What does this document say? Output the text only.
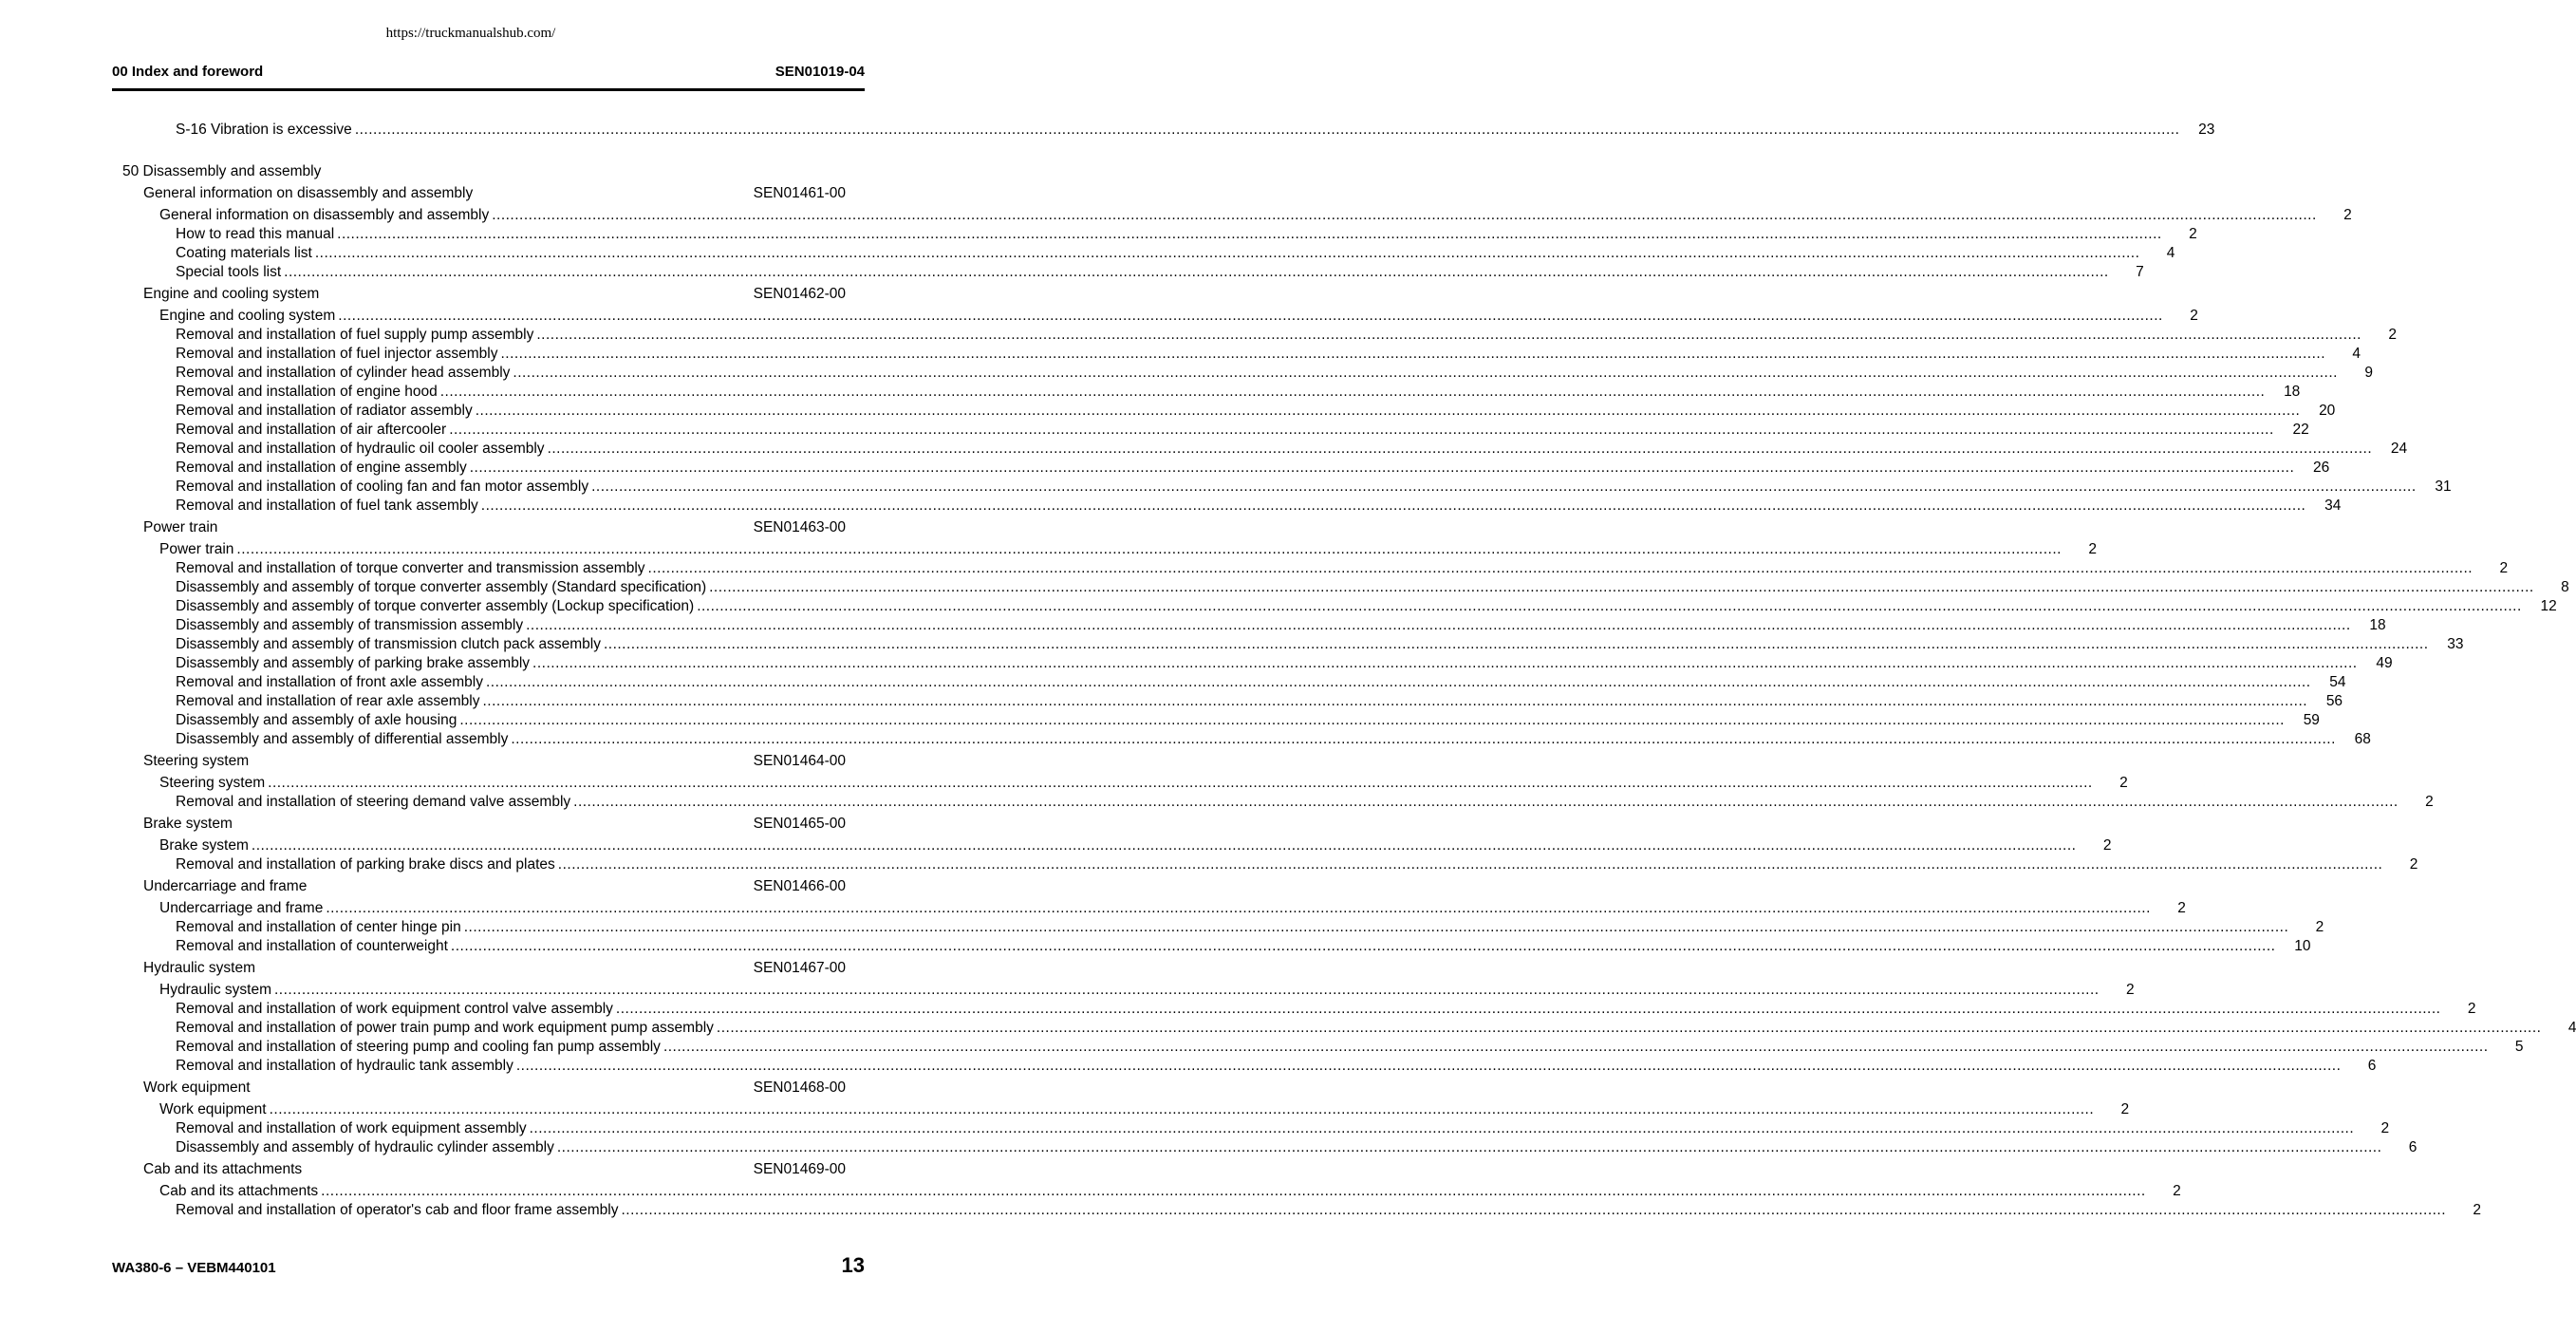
https://truckmanualshub.com/
00 Index and foreword	SEN01019-04
S-16 Vibration is excessive ................................................................................................................................................................................................................................................................................................................................................................................................................	23
50 Disassembly and assembly
General information on disassembly and assembly	SEN01461-00
General information on disassembly and assembly ................................................................................................................................................................................................................................................................................................................................................................................................................	2
How to read this manual ................................................................................................................................................................................................................................................................................................................................................................................................................	2
Coating materials list ................................................................................................................................................................................................................................................................................................................................................................................................................	4
Special tools list ................................................................................................................................................................................................................................................................................................................................................................................................................	7
Engine and cooling system	SEN01462-00
Engine and cooling system ................................................................................................................................................................................................................................................................................................................................................................................................................	2
Removal and installation of fuel supply pump assembly ................................................................................................................................................................................................................................................................................................................................................................................................................	2
Removal and installation of fuel injector assembly ................................................................................................................................................................................................................................................................................................................................................................................................................	4
Removal and installation of cylinder head assembly ................................................................................................................................................................................................................................................................................................................................................................................................................	9
Removal and installation of engine hood ................................................................................................................................................................................................................................................................................................................................................................................................................	18
Removal and installation of radiator assembly ................................................................................................................................................................................................................................................................................................................................................................................................................	20
Removal and installation of air aftercooler ................................................................................................................................................................................................................................................................................................................................................................................................................	22
Removal and installation of hydraulic oil cooler assembly ................................................................................................................................................................................................................................................................................................................................................................................................................	24
Removal and installation of engine assembly ................................................................................................................................................................................................................................................................................................................................................................................................................	26
Removal and installation of cooling fan and fan motor assembly ................................................................................................................................................................................................................................................................................................................................................................................................................	31
Removal and installation of fuel tank assembly ................................................................................................................................................................................................................................................................................................................................................................................................................	34
Power train	SEN01463-00
Power train ................................................................................................................................................................................................................................................................................................................................................................................................................	2
Removal and installation of torque converter and transmission assembly ................................................................................................................................................................................................................................................................................................................................................................................................................	2
Disassembly and assembly of torque converter assembly (Standard specification) ................................................................................................................................................................................................................................................................................................................................................................................................................	8
Disassembly and assembly of torque converter assembly (Lockup specification) ................................................................................................................................................................................................................................................................................................................................................................................................................	12
Disassembly and assembly of transmission assembly ................................................................................................................................................................................................................................................................................................................................................................................................................	18
Disassembly and assembly of transmission clutch pack assembly ................................................................................................................................................................................................................................................................................................................................................................................................................	33
Disassembly and assembly of parking brake assembly ................................................................................................................................................................................................................................................................................................................................................................................................................	49
Removal and installation of front axle assembly ................................................................................................................................................................................................................................................................................................................................................................................................................	54
Removal and installation of rear axle assembly ................................................................................................................................................................................................................................................................................................................................................................................................................	56
Disassembly and assembly of axle housing ................................................................................................................................................................................................................................................................................................................................................................................................................	59
Disassembly and assembly of differential assembly ................................................................................................................................................................................................................................................................................................................................................................................................................	68
Steering system	SEN01464-00
Steering system ................................................................................................................................................................................................................................................................................................................................................................................................................	2
Removal and installation of steering demand valve assembly ................................................................................................................................................................................................................................................................................................................................................................................................................	2
Brake system	SEN01465-00
Brake system ................................................................................................................................................................................................................................................................................................................................................................................................................	2
Removal and installation of parking brake discs and plates ................................................................................................................................................................................................................................................................................................................................................................................................................	2
Undercarriage and frame	SEN01466-00
Undercarriage and frame ................................................................................................................................................................................................................................................................................................................................................................................................................	2
Removal and installation of center hinge pin ................................................................................................................................................................................................................................................................................................................................................................................................................	2
Removal and installation of counterweight ................................................................................................................................................................................................................................................................................................................................................................................................................	10
Hydraulic system	SEN01467-00
Hydraulic system ................................................................................................................................................................................................................................................................................................................................................................................................................	2
Removal and installation of work equipment control valve assembly ................................................................................................................................................................................................................................................................................................................................................................................................................	2
Removal and installation of power train pump and work equipment pump assembly ................................................................................................................................................................................................................................................................................................................................................................................................................	4
Removal and installation of steering pump and cooling fan pump assembly ................................................................................................................................................................................................................................................................................................................................................................................................................	5
Removal and installation of hydraulic tank assembly ................................................................................................................................................................................................................................................................................................................................................................................................................	6
Work equipment	SEN01468-00
Work equipment ................................................................................................................................................................................................................................................................................................................................................................................................................	2
Removal and installation of work equipment assembly ................................................................................................................................................................................................................................................................................................................................................................................................................	2
Disassembly and assembly of hydraulic cylinder assembly ................................................................................................................................................................................................................................................................................................................................................................................................................	6
Cab and its attachments	SEN01469-00
Cab and its attachments ................................................................................................................................................................................................................................................................................................................................................................................................................	2
Removal and installation of operator's cab and floor frame assembly ................................................................................................................................................................................................................................................................................................................................................................................................................	2
WA380-6 – VEBM440101	13
